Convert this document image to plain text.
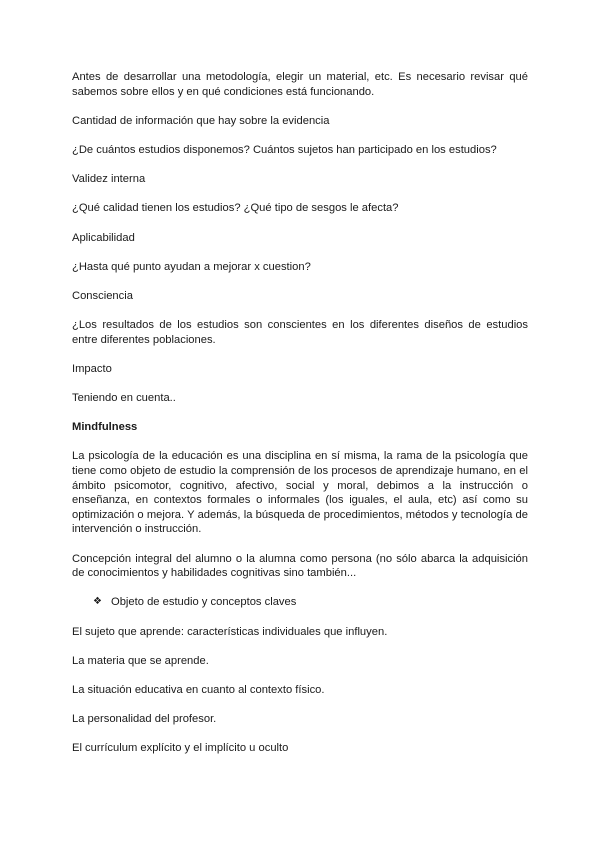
Antes de desarrollar una metodología, elegir un material, etc. Es necesario revisar qué sabemos sobre ellos y en qué condiciones está funcionando.

Cantidad de información que hay sobre la evidencia

¿De cuántos estudios disponemos? Cuántos sujetos han participado en los estudios?

Validez interna

¿Qué calidad tienen los estudios? ¿Qué tipo de sesgos le afecta?

Aplicabilidad

¿Hasta qué punto ayudan a mejorar x cuestion?

Consciencia

¿Los resultados de los estudios son conscientes en los diferentes diseños de estudios entre diferentes poblaciones.

Impacto

Teniendo en cuenta..

Mindfulness

La psicología de la educación es una disciplina en sí misma, la rama de la psicología que tiene como objeto de estudio la comprensión de los procesos de aprendizaje humano, en el ámbito psicomotor, cognitivo, afectivo, social y moral, debimos a la instrucción o enseñanza, en contextos formales o informales (los iguales, el aula, etc) así como su optimización o mejora. Y además, la búsqueda de procedimientos, métodos y tecnología de intervención o instrucción.

Concepción integral del alumno o la alumna como persona (no sólo abarca la adquisición de conocimientos y habilidades cognitivas sino también...

❖ Objeto de estudio y conceptos claves

El sujeto que aprende: características individuales que influyen.

La materia que se aprende.

La situación educativa en cuanto al contexto físico.

La personalidad del profesor.

El currículum explícito y el implícito u oculto
